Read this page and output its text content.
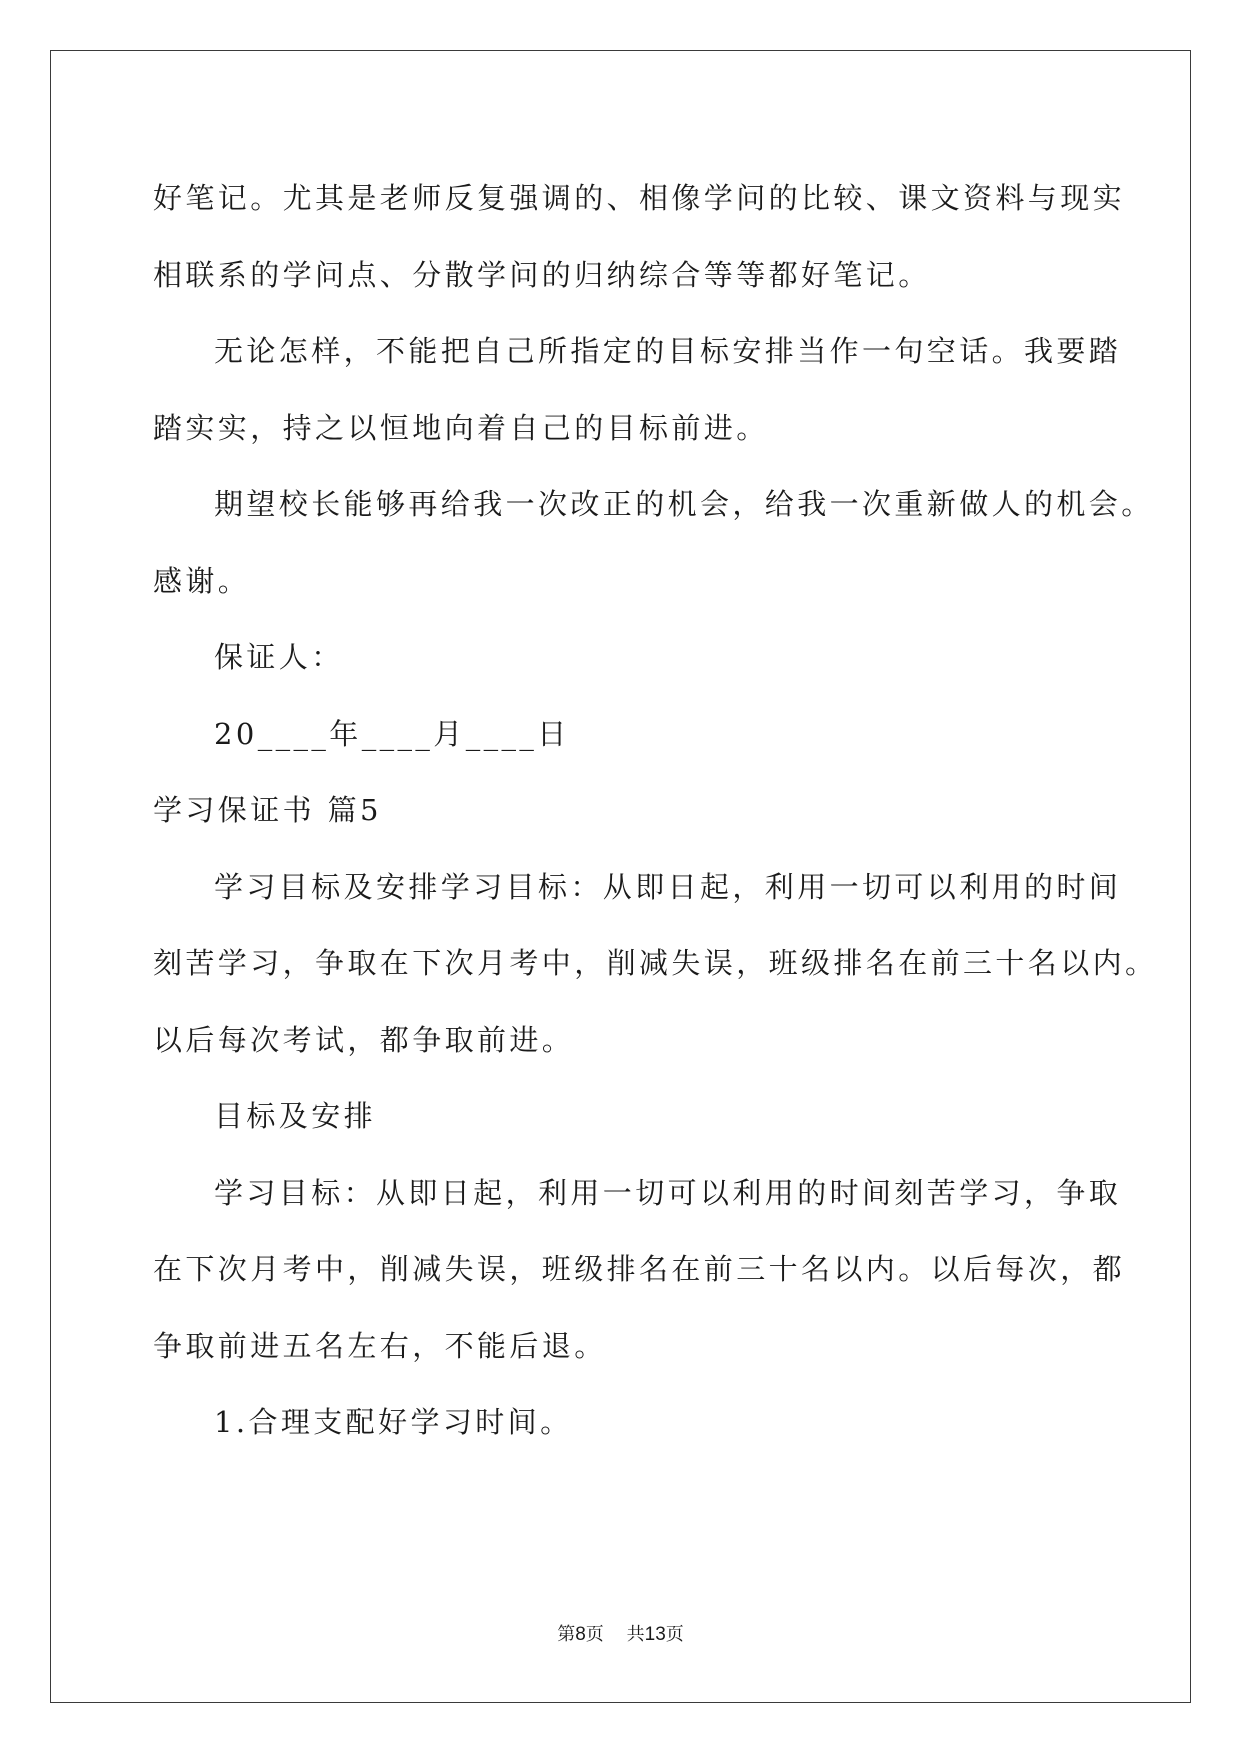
好笔记。尤其是老师反复强调的、相像学问的比较、课文资料与现实
相联系的学问点、分散学问的归纳综合等等都好笔记。
无论怎样，不能把自己所指定的目标安排当作一句空话。我要踏
踏实实，持之以恒地向着自己的目标前进。
期望校长能够再给我一次改正的机会，给我一次重新做人的机会。
感谢。
保证人：
20____年____月____日
学习保证书 篇5
学习目标及安排学习目标：从即日起，利用一切可以利用的时间
刻苦学习，争取在下次月考中，削减失误，班级排名在前三十名以内。
以后每次考试，都争取前进。
目标及安排
学习目标：从即日起，利用一切可以利用的时间刻苦学习，争取
在下次月考中，削减失误，班级排名在前三十名以内。以后每次，都
争取前进五名左右，不能后退。
1.合理支配好学习时间。
第8页 共13页
